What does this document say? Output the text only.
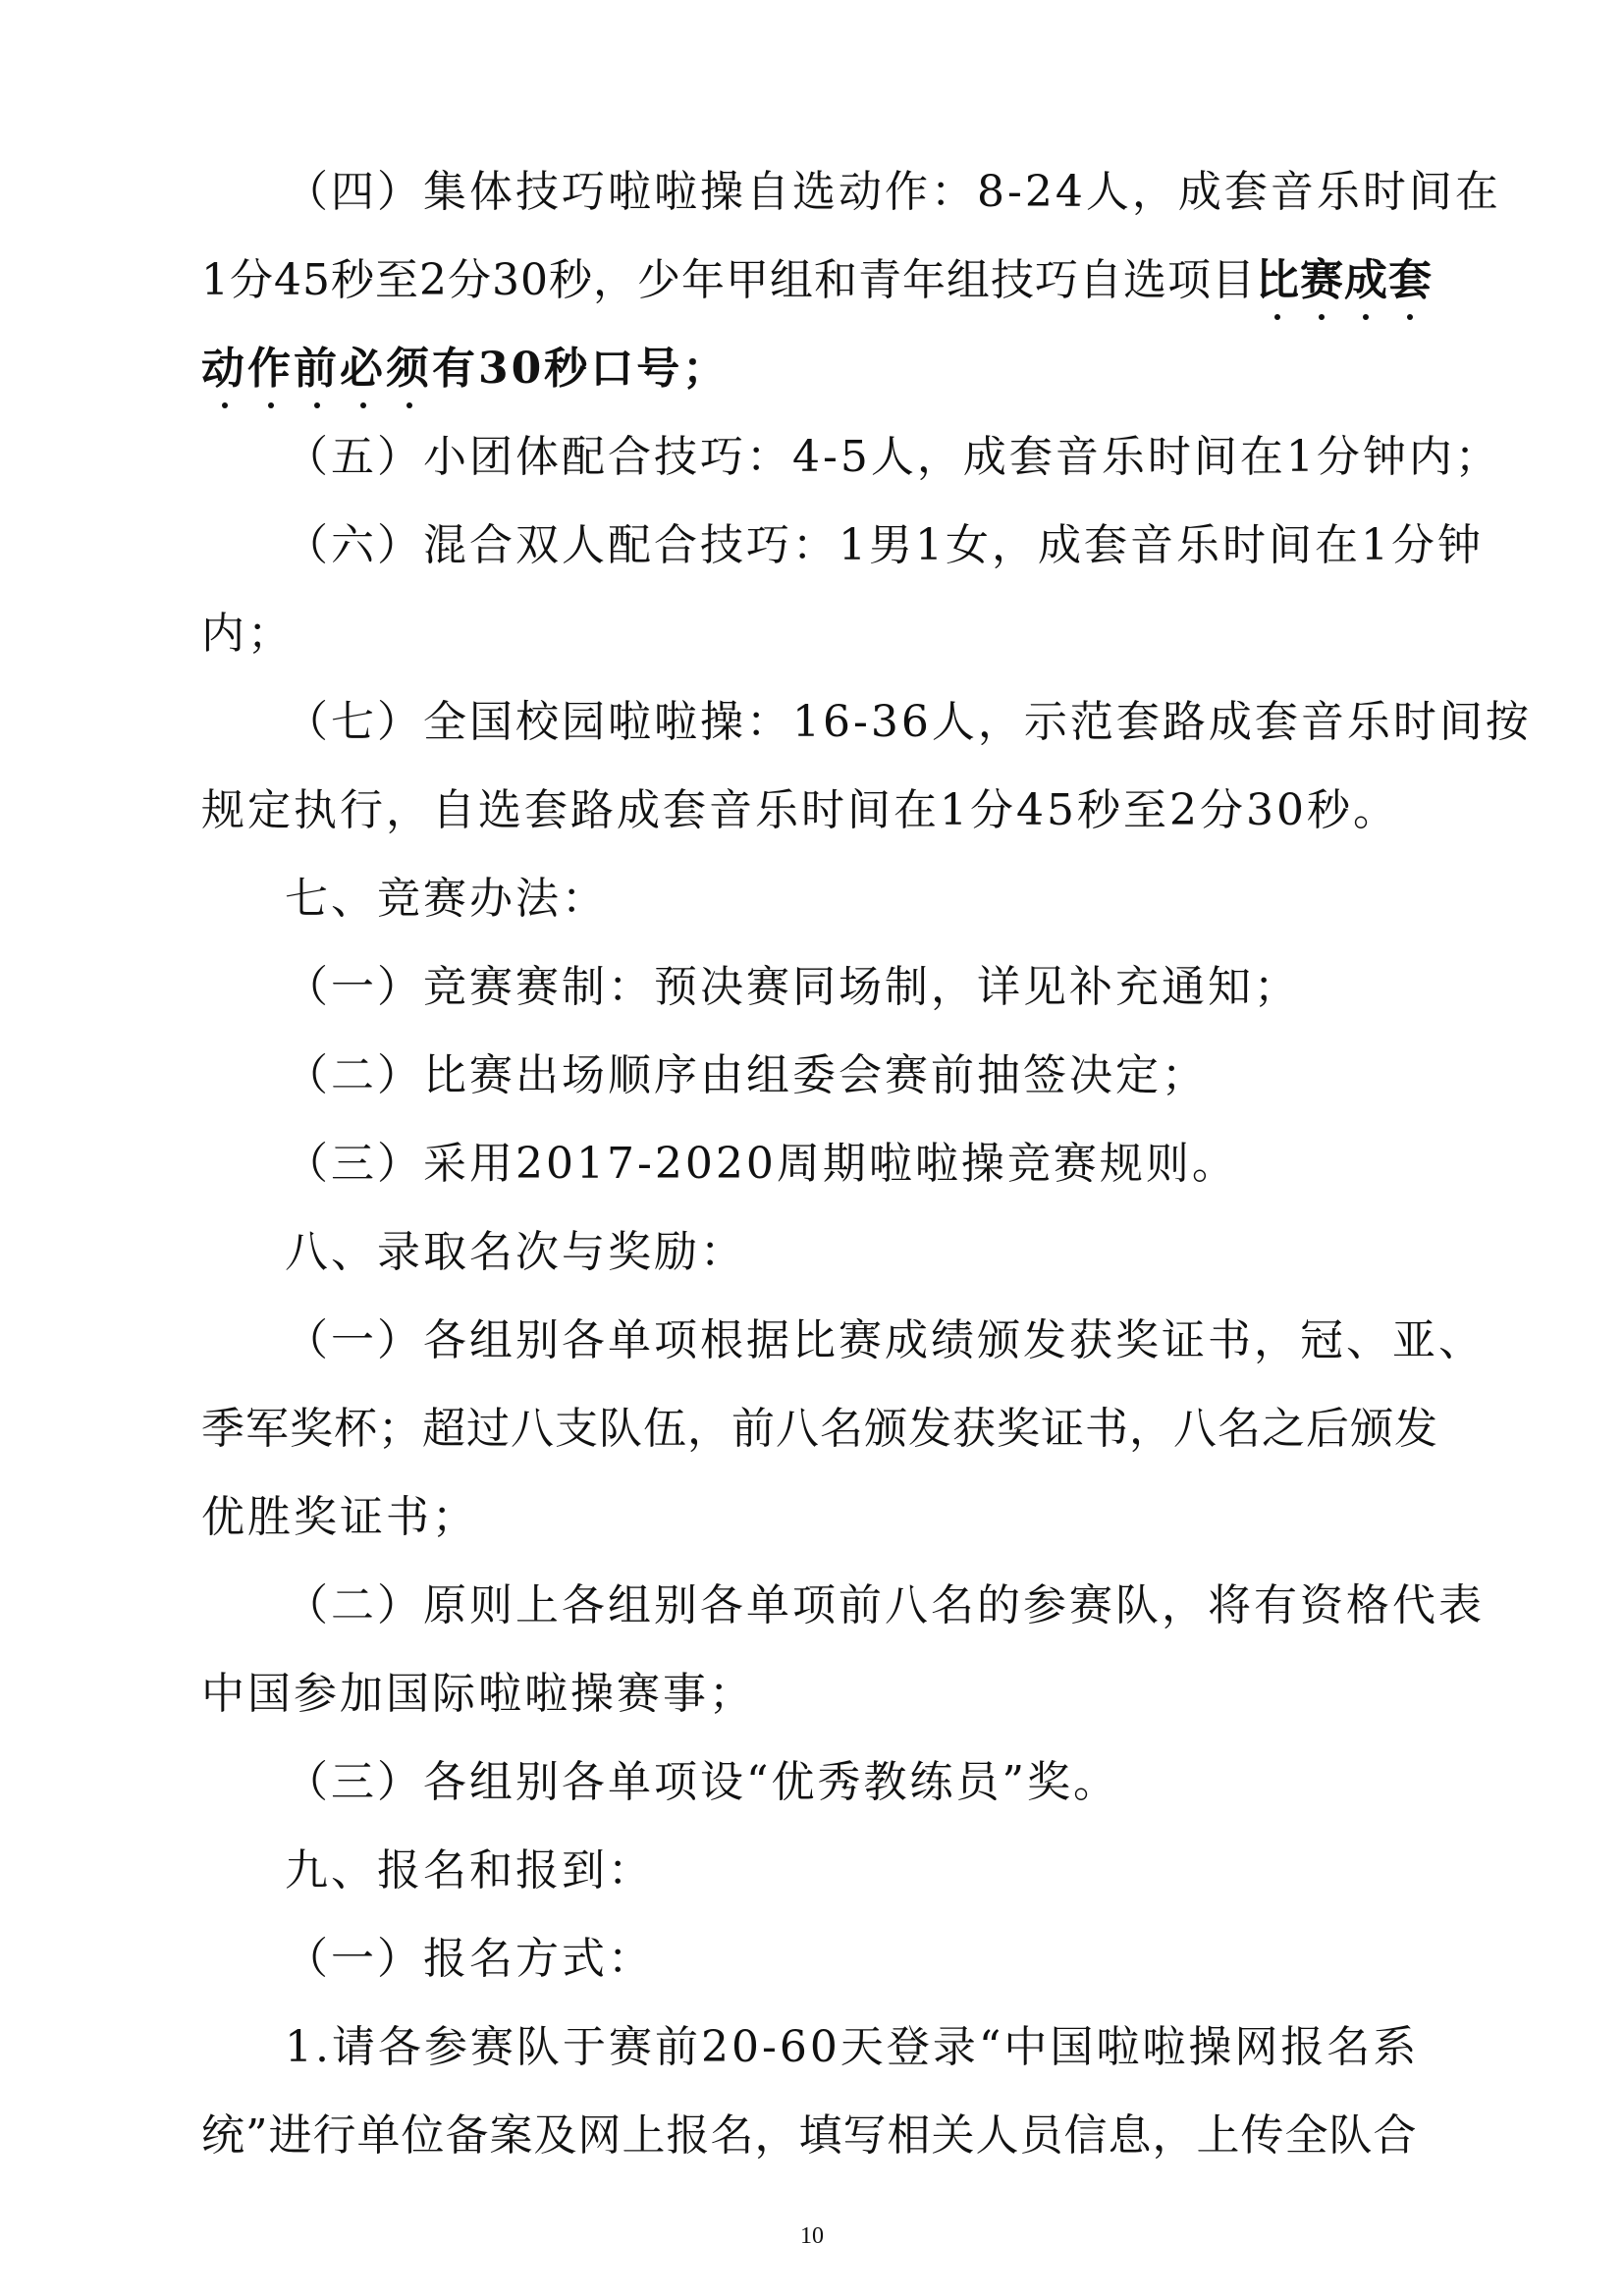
（四）集体技巧啦啦操自选动作：8-24人，成套音乐时间在
1分45秒至2分30秒，少年甲组和青年组技巧自选项目比赛成套
动作前必须有30秒口号；
（五）小团体配合技巧：4-5人，成套音乐时间在1分钟内；
（六）混合双人配合技巧：1男1女，成套音乐时间在1分钟
内；
（七）全国校园啦啦操：16-36人，示范套路成套音乐时间按
规定执行，自选套路成套音乐时间在1分45秒至2分30秒。
七、竞赛办法：
（一）竞赛赛制：预决赛同场制，详见补充通知；
（二）比赛出场顺序由组委会赛前抽签决定；
（三）采用2017-2020周期啦啦操竞赛规则。
八、录取名次与奖励：
（一）各组别各单项根据比赛成绩颁发获奖证书，冠、亚、
季军奖杯；超过八支队伍，前八名颁发获奖证书，八名之后颁发
优胜奖证书；
（二）原则上各组别各单项前八名的参赛队，将有资格代表
中国参加国际啦啦操赛事；
（三）各组别各单项设“优秀教练员”奖。
九、报名和报到：
（一）报名方式：
1.请各参赛队于赛前20-60天登录“中国啦啦操网报名系
统”进行单位备案及网上报名，填写相关人员信息，上传全队合
10
